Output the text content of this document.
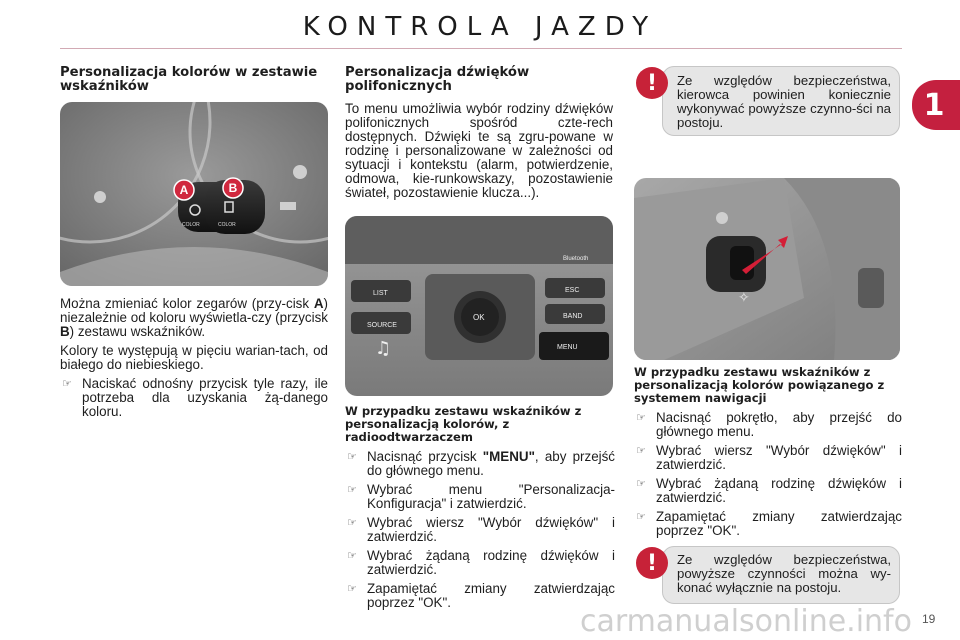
KONTROLA JAZDY
1
Personalizacja kolorów w zestawie wskaźników
COLOR	COLOR
A	B

Można zmieniać kolor zegarów (przy-cisk A) niezależnie od koloru wyświetla-czy (przycisk B) zestawu wskaźników.

Kolory te występują w pięciu warian-tach, od białego do niebieskiego.

☞ Naciskać odnośny przycisk tyle razy, ile potrzeba dla uzyskania żą-danego koloru.
Personalizacja dźwięków polifonicznych

To menu umożliwia wybór rodziny dźwięków polifonicznych spośród czte-rech dostępnych. Dźwięki te są zgru-powane w rodzinę i personalizowane w zależności od sytuacji i kontekstu (alarm, potwierdzenie, odmowa, kie-runkowskazy, pozostawienie świateł, pozostawienie klucza...).

Bluetooth
LIST
SOURCE
♫
OK
ESC
BAND
MENU
W przypadku zestawu wskaźników z personalizacją kolorów, z radioodtwarzaczem
☞ Nacisnąć przycisk "MENU", aby przejść do głównego menu.
☞ Wybrać menu "Personalizacja-Konfiguracja" i zatwierdzić.
☞ Wybrać wiersz "Wybór dźwięków" i zatwierdzić.
☞ Wybrać żądaną rodzinę dźwięków i zatwierdzić.
☞ Zapamiętać zmiany zatwierdzając poprzez "OK".
!	Ze względów bezpieczeństwa, kierowca powinien koniecznie wykonywać powyższe czynno-ści na postoju.
✧
W przypadku zestawu wskaźników z personalizacją kolorów powiązanego z systemem nawigacji
☞ Nacisnąć pokrętło, aby przejść do głównego menu.
☞ Wybrać wiersz "Wybór dźwięków" i zatwierdzić.
☞ Wybrać żądaną rodzinę dźwięków i zatwierdzić.
☞ Zapamiętać zmiany zatwierdzając poprzez "OK".
!	Ze względów bezpieczeństwa, powyższe czynności można wy-konać wyłącznie na postoju.
carmanualsonline.info 19
